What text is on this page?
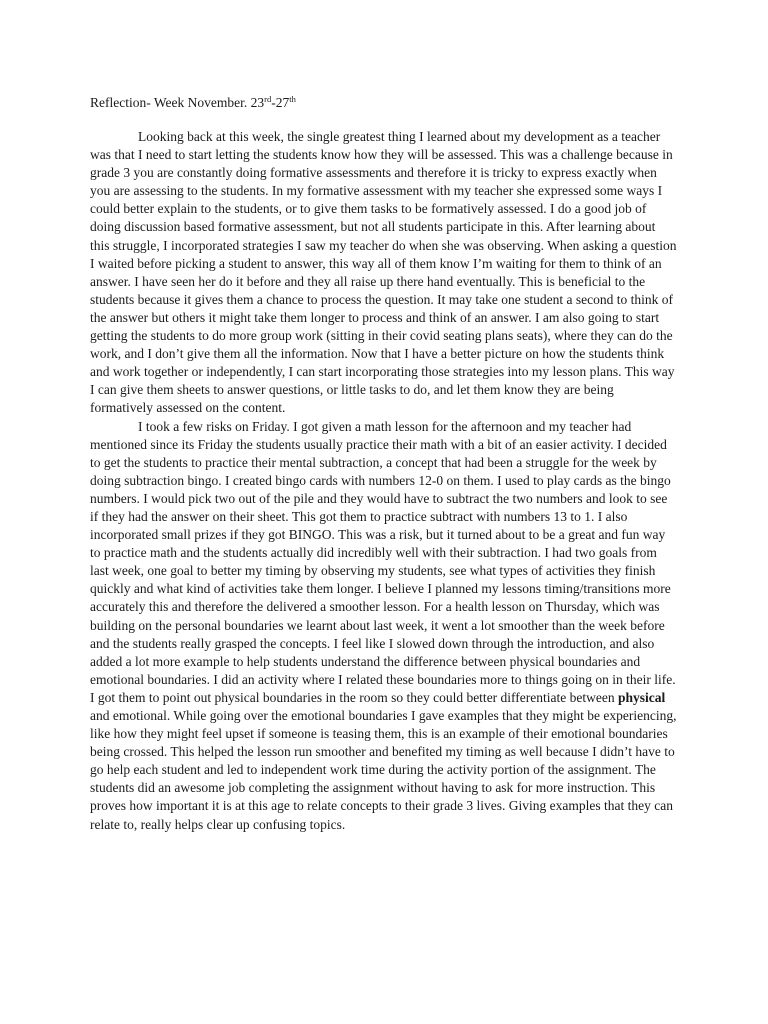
Reflection- Week November. 23rd-27th

Looking back at this week, the single greatest thing I learned about my development as a teacher was that I need to start letting the students know how they will be assessed. This was a challenge because in grade 3 you are constantly doing formative assessments and therefore it is tricky to express exactly when you are assessing to the students. In my formative assessment with my teacher she expressed some ways I could better explain to the students, or to give them tasks to be formatively assessed. I do a good job of doing discussion based formative assessment, but not all students participate in this. After learning about this struggle, I incorporated strategies I saw my teacher do when she was observing. When asking a question I waited before picking a student to answer, this way all of them know I’m waiting for them to think of an answer. I have seen her do it before and they all raise up there hand eventually. This is beneficial to the students because it gives them a chance to process the question. It may take one student a second to think of the answer but others it might take them longer to process and think of an answer. I am also going to start getting the students to do more group work (sitting in their covid seating plans seats), where they can do the work, and I don’t give them all the information. Now that I have a better picture on how the students think and work together or independently, I can start incorporating those strategies into my lesson plans. This way I can give them sheets to answer questions, or little tasks to do, and let them know they are being formatively assessed on the content.

I took a few risks on Friday. I got given a math lesson for the afternoon and my teacher had mentioned since its Friday the students usually practice their math with a bit of an easier activity. I decided to get the students to practice their mental subtraction, a concept that had been a struggle for the week by doing subtraction bingo. I created bingo cards with numbers 12-0 on them. I used to play cards as the bingo numbers. I would pick two out of the pile and they would have to subtract the two numbers and look to see if they had the answer on their sheet. This got them to practice subtract with numbers 13 to 1. I also incorporated small prizes if they got BINGO. This was a risk, but it turned about to be a great and fun way to practice math and the students actually did incredibly well with their subtraction. I had two goals from last week, one goal to better my timing by observing my students, see what types of activities they finish quickly and what kind of activities take them longer. I believe I planned my lessons timing/transitions more accurately this and therefore the delivered a smoother lesson. For a health lesson on Thursday, which was building on the personal boundaries we learnt about last week, it went a lot smoother than the week before and the students really grasped the concepts. I feel like I slowed down through the introduction, and also added a lot more example to help students understand the difference between physical boundaries and emotional boundaries. I did an activity where I related these boundaries more to things going on in their life. I got them to point out physical boundaries in the room so they could better differentiate between physical and emotional. While going over the emotional boundaries I gave examples that they might be experiencing, like how they might feel upset if someone is teasing them, this is an example of their emotional boundaries being crossed. This helped the lesson run smoother and benefited my timing as well because I didn’t have to go help each student and led to independent work time during the activity portion of the assignment. The students did an awesome job completing the assignment without having to ask for more instruction. This proves how important it is at this age to relate concepts to their grade 3 lives. Giving examples that they can relate to, really helps clear up confusing topics.
